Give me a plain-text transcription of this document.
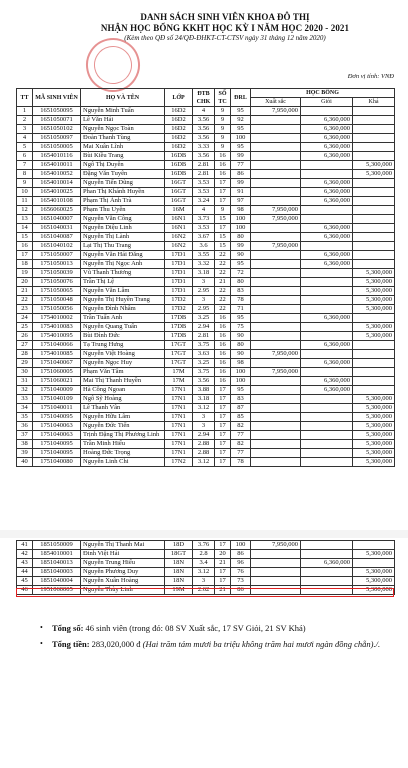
DANH SÁCH SINH VIÊN KHOA ĐÔ THỊ
NHẬN HỌC BỔNG KKHT HỌC KỲ I NĂM HỌC 2020 - 2021
(Kèm theo QĐ số 24/QĐ-ĐHKT-CT-CTSV ngày 31 tháng 12 năm 2020)
Đơn vị tính: VNĐ
TT	MÃ SINH VIÊN	HỌ VÀ TÊN	LỚP	ĐTB CHK	SỐ TC	ĐRL	HỌC BỔNG		
							Xuất sắc	Giỏi	Khá
1	1651050095	Nguyễn Minh Tuấn	16D2	4	9	95	7,950,000		
2	1651050071	Lê Văn Hải	16D2	3.56	9	92		6,360,000	
3	1651050102	Nguyễn Ngọc Toàn	16D2	3.56	9	95		6,360,000	
4	1651050097	Đoàn Thanh Tùng	16D2	3.56	9	100		6,360,000	
5	1651050005	Mai Xuân Lĩnh	16D2	3.33	9	95		6,360,000	
6	1654010116	Bùi Kiều Trang	16DB	3.56	16	99		6,360,000	
7	1654010011	Ngô Thị Duyên	16DB	2.81	16	77			5,300,000
8	1654010052	Đặng Văn Tuyên	16DB	2.81	16	86			5,300,000
9	1654010014	Nguyễn Tiến Dũng	16GT	3.53	17	99		6,360,000	
10	1654010025	Phan Thị Khánh Huyền	16GT	3.53	17	91		6,360,000	
11	1654010108	Phạm Thị Ánh Trà	16GT	3.24	17	97		6,360,000	
12	1656060025	Phạm Thu Uyên	16M	4	9	98	7,950,000		
13	1651040007	Nguyễn Văn Công	16N1	3.73	15	100	7,950,000		
14	1651040031	Nguyễn Diệu Linh	16N1	3.53	17	100		6,360,000	
15	1651040087	Nguyễn Thị Lành	16N2	3.67	15	80		6,360,000	
16	1651040102	Lại Thị Thu Trang	16N2	3.6	15	99	7,950,000		
17	1751050007	Nguyễn Văn Hải Đăng	17D1	3.55	22	90		6,360,000	
18	1751050013	Nguyễn Thị Ngọc Anh	17D1	3.32	22	95		6,360,000	
19	1751050039	Vũ Thanh Thương	17D1	3.18	22	72			5,300,000
20	1751050076	Trần Thị Lệ	17D1	3	21	80			5,300,000
21	1751050065	Nguyễn Văn Lâm	17D1	2.95	22	83			5,300,000
22	1751050048	Nguyễn Thị Huyền Trang	17D2	3	22	78			5,300,000
23	1751050056	Nguyễn Đình Nhâm	17D2	2.95	22	71			5,300,000
24	1754010002	Trần Tuấn Anh	17DB	3.25	16	95		6,360,000	
25	1754010083	Nguyễn Quang Tuấn	17DB	2.94	16	75			5,300,000
26	1754010095	Bùi Đình Đức	17DB	2.81	16	90			5,300,000
27	1751040066	Tạ Trung Hưng	17GT	3.75	16	80		6,360,000	
28	1754010085	Nguyễn Việt Hoàng	17GT	3.63	16	90	7,950,000		
29	1751040067	Nguyễn Ngọc Huy	17GT	3.25	16	98		6,360,000	
30	1751060005	Phạm Văn Tâm	17M	3.75	16	100	7,950,000		
31	1751060021	Mai Thị Thanh Huyền	17M	3.56	16	100		6,360,000	
32	1751040009	Hà Công Ngoan	17N1	3.88	17	95		6,360,000	
33	1751040109	Ngô Sỹ Hoàng	17N1	3.18	17	83			5,300,000
34	1751040011	Lê Thanh Vân	17N1	3.12	17	87			5,300,000
35	1751040095	Nguyễn Hữu Lâm	17N1	3	17	85			5,300,000
36	1751040063	Nguyễn Đức Tiến	17N1	3	17	82			5,300,000
37	1751040063	Trịnh Đặng Thị Phương Linh	17N1	2.94	17	77			5,300,000
38	1751040095	Trần Minh Hiếu	17N1	2.88	17	82			5,300,000
39	1751040095	Hoàng Đức Trọng	17N1	2.88	17	77			5,300,000
40	1751040080	Nguyễn Linh Chi	17N2	3.12	17	78			5,300,000
41	1851050009	Nguyễn Thị Thanh Mai	18D	3.76	17	100	7,950,000		
42	1854010001	Đinh Việt Hải	18GT	2.8	20	86			5,300,000
43	1851040013	Nguyễn Trung Hiếu	18N	3.4	21	96		6,360,000	
44	1851040003	Nguyễn Phương Duy	18N	3.12	17	76			5,300,000
45	1851040004	Nguyễn Xuân Hoàng	18N	3	17	73			5,300,000
46	1951060005	Nguyễn Thùy Linh	19M	2.62	21	86			5,300,000
• Tổng số: 46 sinh viên (trong đó: 08 SV Xuất sắc, 17 SV Giỏi, 21 SV Khá)
• Tổng tiền: 283,020,000 đ (Hai trăm tám mươi ba triệu không trăm hai mươi ngàn đồng chẵn)./.
